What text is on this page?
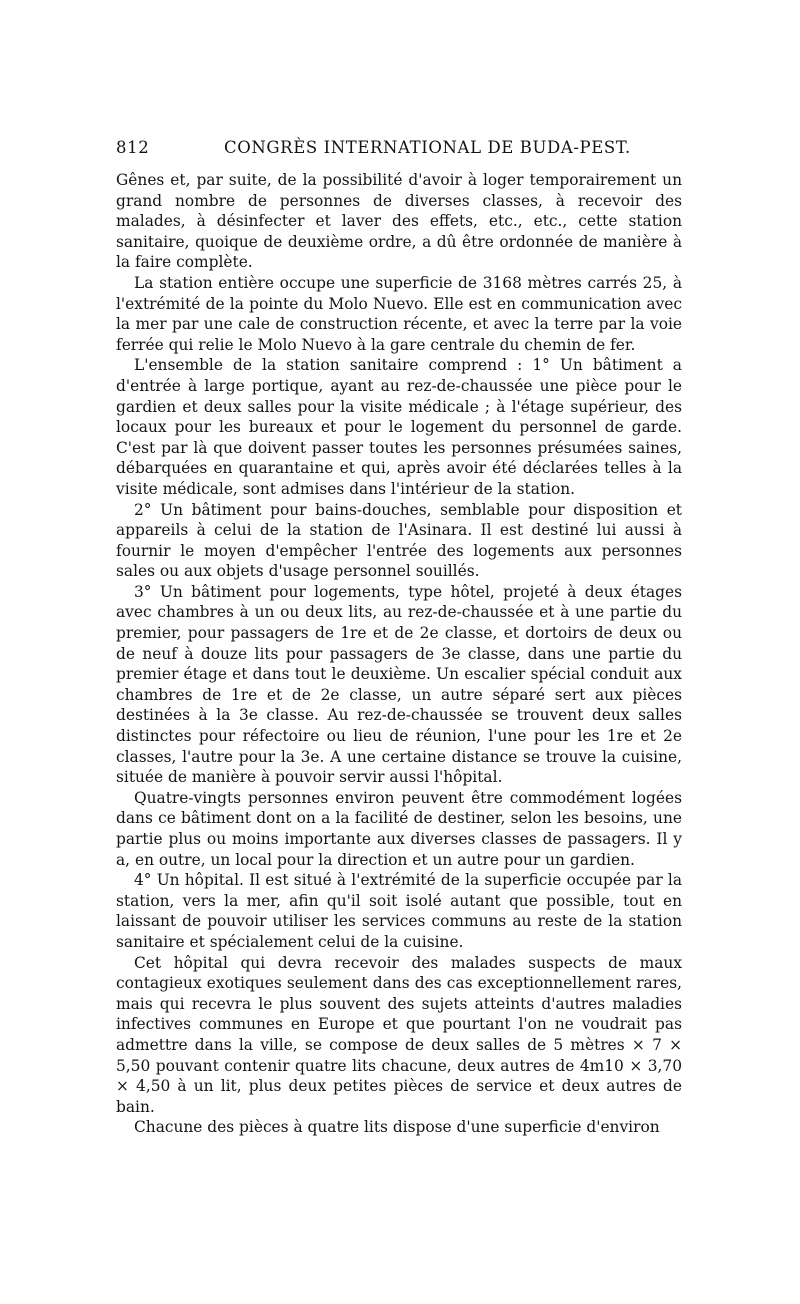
812	CONGRÈS INTERNATIONAL DE BUDA-PEST.

Gênes et, par suite, de la possibilité d'avoir à loger temporairement un grand nombre de personnes de diverses classes, à recevoir des malades, à désinfecter et laver des effets, etc., etc., cette station sanitaire, quoique de deuxième ordre, a dû être ordonnée de manière à la faire complète.

La station entière occupe une superficie de 3168 mètres carrés 25, à l'extrémité de la pointe du Molo Nuevo. Elle est en communication avec la mer par une cale de construction récente, et avec la terre par la voie ferrée qui relie le Molo Nuevo à la gare centrale du chemin de fer.

L'ensemble de la station sanitaire comprend : 1° Un bâtiment a d'entrée à large portique, ayant au rez-de-chaussée une pièce pour le gardien et deux salles pour la visite médicale ; à l'étage supérieur, des locaux pour les bureaux et pour le logement du personnel de garde. C'est par là que doivent passer toutes les personnes présumées saines, débarquées en quarantaine et qui, après avoir été déclarées telles à la visite médicale, sont admises dans l'intérieur de la station.

2° Un bâtiment pour bains-douches, semblable pour disposition et appareils à celui de la station de l'Asinara. Il est destiné lui aussi à fournir le moyen d'empêcher l'entrée des logements aux personnes sales ou aux objets d'usage personnel souillés.

3° Un bâtiment pour logements, type hôtel, projeté à deux étages avec chambres à un ou deux lits, au rez-de-chaussée et à une partie du premier, pour passagers de 1re et de 2e classe, et dortoirs de deux ou de neuf à douze lits pour passagers de 3e classe, dans une partie du premier étage et dans tout le deuxième. Un escalier spécial conduit aux chambres de 1re et de 2e classe, un autre séparé sert aux pièces destinées à la 3e classe. Au rez-de-chaussée se trouvent deux salles distinctes pour réfectoire ou lieu de réunion, l'une pour les 1re et 2e classes, l'autre pour la 3e. A une certaine distance se trouve la cuisine, située de manière à pouvoir servir aussi l'hôpital.

Quatre-vingts personnes environ peuvent être commodément logées dans ce bâtiment dont on a la facilité de destiner, selon les besoins, une partie plus ou moins importante aux diverses classes de passagers. Il y a, en outre, un local pour la direction et un autre pour un gardien.

4° Un hôpital. Il est situé à l'extrémité de la superficie occupée par la station, vers la mer, afin qu'il soit isolé autant que possible, tout en laissant de pouvoir utiliser les services communs au reste de la station sanitaire et spécialement celui de la cuisine.

Cet hôpital qui devra recevoir des malades suspects de maux contagieux exotiques seulement dans des cas exceptionnellement rares, mais qui recevra le plus souvent des sujets atteints d'autres maladies infectives communes en Europe et que pourtant l'on ne voudrait pas admettre dans la ville, se compose de deux salles de 5 mètres × 7 × 5,50 pouvant contenir quatre lits chacune, deux autres de 4m10 × 3,70 × 4,50 à un lit, plus deux petites pièces de service et deux autres de bain.

Chacune des pièces à quatre lits dispose d'une superficie d'environ
